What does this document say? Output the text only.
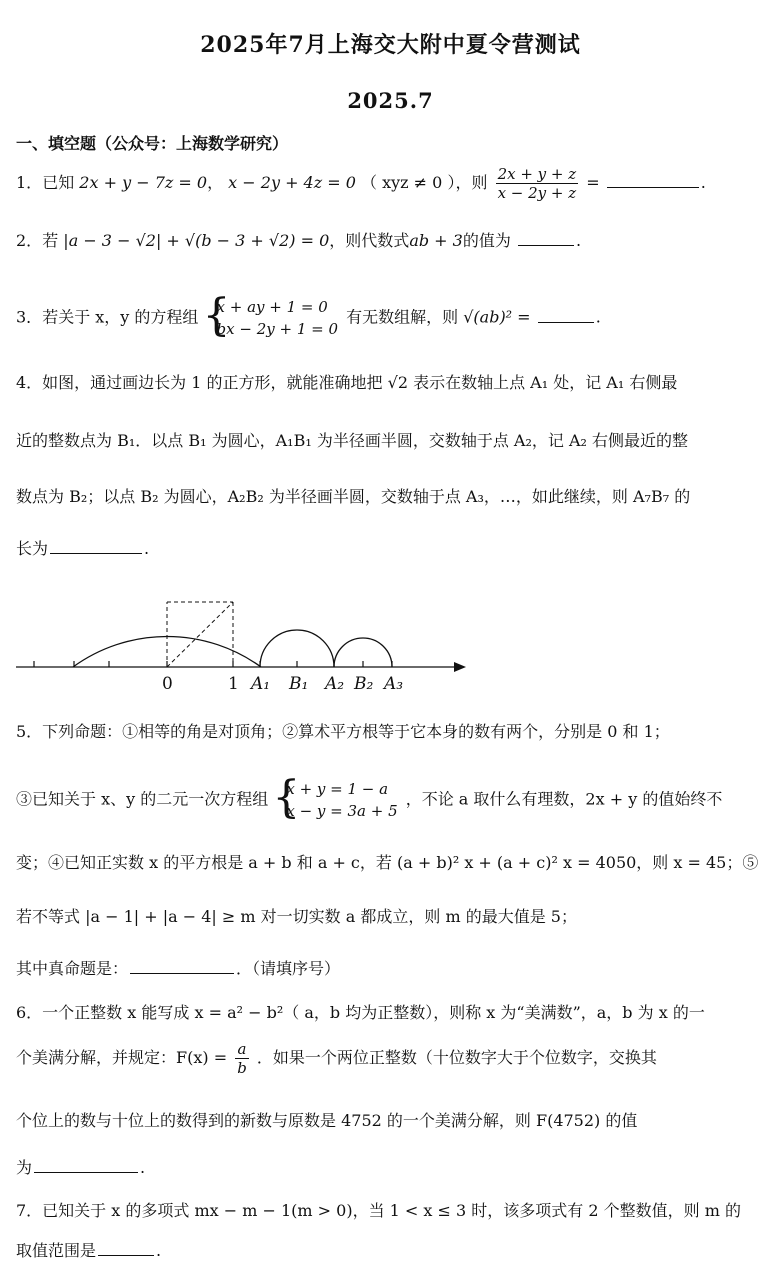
2025年7月上海交大附中夏令营测试
2025.7
一、填空题（公众号：上海数学研究）
1．已知 2x + y − 7z = 0， x − 2y + 4z = 0 （ xyz ≠ 0 ），则 $\frac{2x + y + z}{x - 2y + z}$ =	.
2．若 |a − 3 − √2| + √(b − 3 + √2) = 0，则代数式ab + 3的值为	.
3．若关于 x，y 的方程组
{ x + ay + 1 = 0
bx − 2y + 1 = 0
有无数组解，则 √(ab)² =	.
4．如图，通过画边长为 1 的正方形，就能准确地把 √2 表示在数轴上点 A₁ 处，记 A₁ 右侧最
近的整数点为 B₁．以点 B₁ 为圆心，A₁B₁ 为半径画半圆，交数轴于点 A₂，记 A₂ 右侧最近的整
数点为 B₂；以点 B₂ 为圆心，A₂B₂ 为半径画半圆，交数轴于点 A₃，…，如此继续，则 A₇B₇ 的
长为	.
0	1 A₁ B₁ A₂ B₂ A₃
5．下列命题：①相等的角是对顶角；②算术平方根等于它本身的数有两个，分别是 0 和 1；
③已知关于 x、y 的二元一次方程组
{ x + y = 1 − a
x − y = 3a + 5
，不论 a 取什么有理数，2x + y 的值始终不
变；④已知正实数 x 的平方根是 a + b 和 a + c，若 (a + b)² x + (a + c)² x = 4050，则 x = 45；⑤
若不等式 |a − 1| + |a − 4| ≥ m 对一切实数 a 都成立，则 m 的最大值是 5；
其中真命题是：	．（请填序号）
6．一个正整数 x 能写成 x = a² − b²（ a，b 均为正整数），则称 x 为“美满数”，a，b 为 x 的一
个美满分解，并规定：$F(x) = \frac{a}{b}$ ．如果一个两位正整数（十位数字大于个位数字，交换其
个位上的数与十位上的数得到的新数与原数是 4752 的一个美满分解，则 F(4752) 的值
为	.
7．已知关于 x 的多项式 mx − m − 1(m > 0)，当 1 < x ≤ 3 时，该多项式有 2 个整数值，则 m 的
取值范围是	.
